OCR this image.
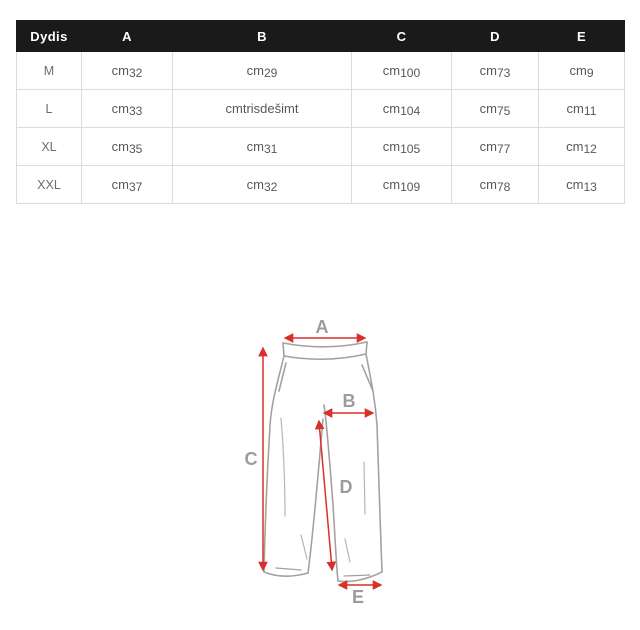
Dydis	A	B	C	D	E
M	cm32	cm29	cm100	cm73	cm9
L	cm33	cmtrisdešimt	cm104	cm75	cm11
XL	cm35	cm31	cm105	cm77	cm12
XXL	cm37	cm32	cm109	cm78	cm13
A
B
C
D
E
